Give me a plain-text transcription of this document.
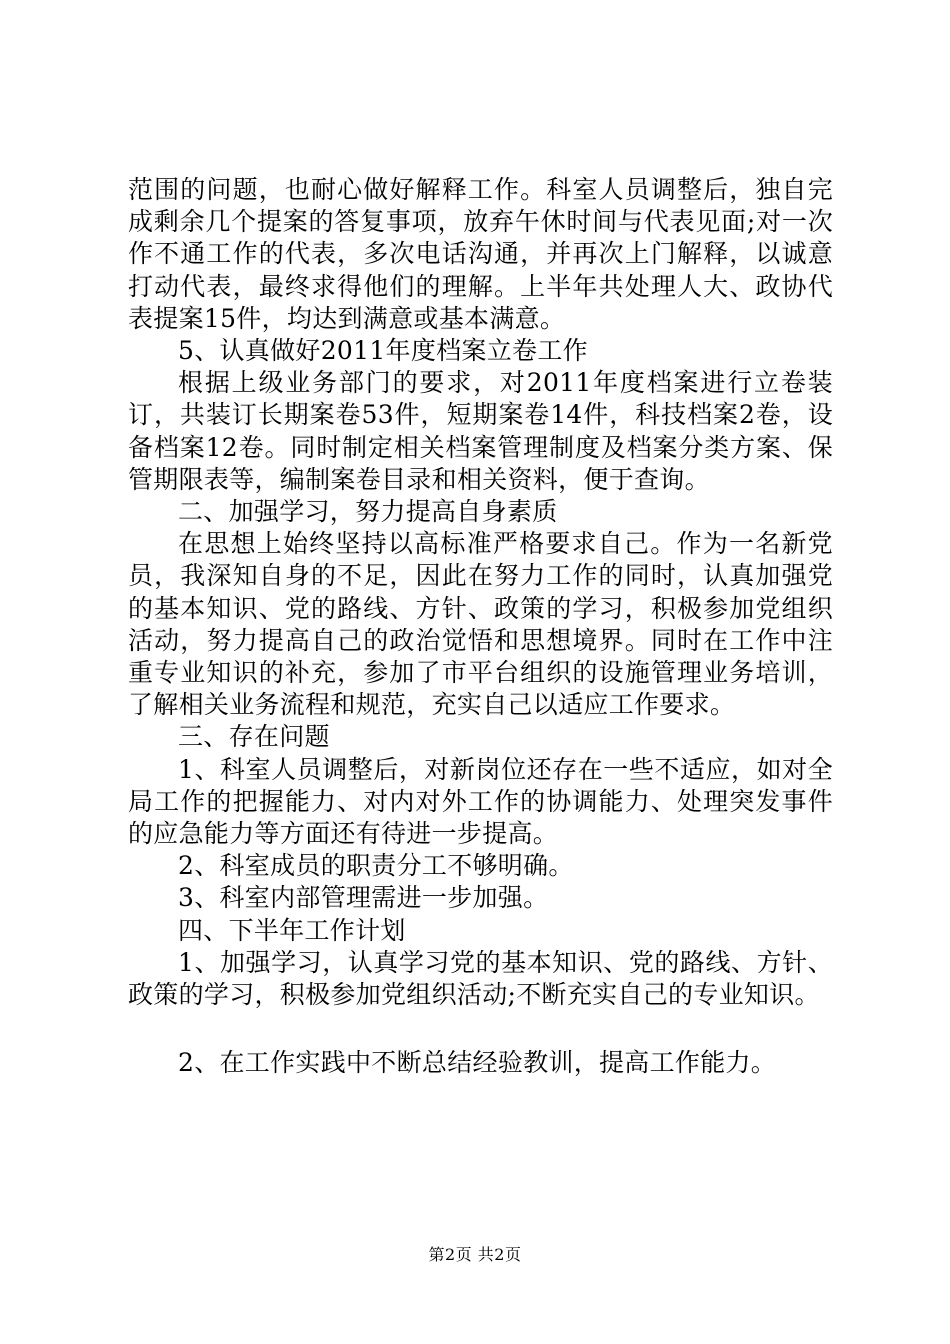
范围的问题，也耐心做好解释工作。科室人员调整后，独自完成剩余几个提案的答复事项，放弃午休时间与代表见面;对一次作不通工作的代表，多次电话沟通，并再次上门解释，以诚意打动代表，最终求得他们的理解。上半年共处理人大、政协代表提案15件，均达到满意或基本满意。

5、认真做好2011年度档案立卷工作

根据上级业务部门的要求，对2011年度档案进行立卷装订，共装订长期案卷53件，短期案卷14件，科技档案2卷，设备档案12卷。同时制定相关档案管理制度及档案分类方案、保管期限表等，编制案卷目录和相关资料，便于查询。

二、加强学习，努力提高自身素质

在思想上始终坚持以高标准严格要求自己。作为一名新党员，我深知自身的不足，因此在努力工作的同时，认真加强党的基本知识、党的路线、方针、政策的学习，积极参加党组织活动，努力提高自己的政治觉悟和思想境界。同时在工作中注重专业知识的补充，参加了市平台组织的设施管理业务培训，了解相关业务流程和规范，充实自己以适应工作要求。

三、存在问题

1、科室人员调整后，对新岗位还存在一些不适应，如对全局工作的把握能力、对内对外工作的协调能力、处理突发事件的应急能力等方面还有待进一步提高。

2、科室成员的职责分工不够明确。

3、科室内部管理需进一步加强。

四、下半年工作计划

1、加强学习，认真学习党的基本知识、党的路线、方针、政策的学习，积极参加党组织活动;不断充实自己的专业知识。

2、在工作实践中不断总结经验教训，提高工作能力。

第2页 共2页
